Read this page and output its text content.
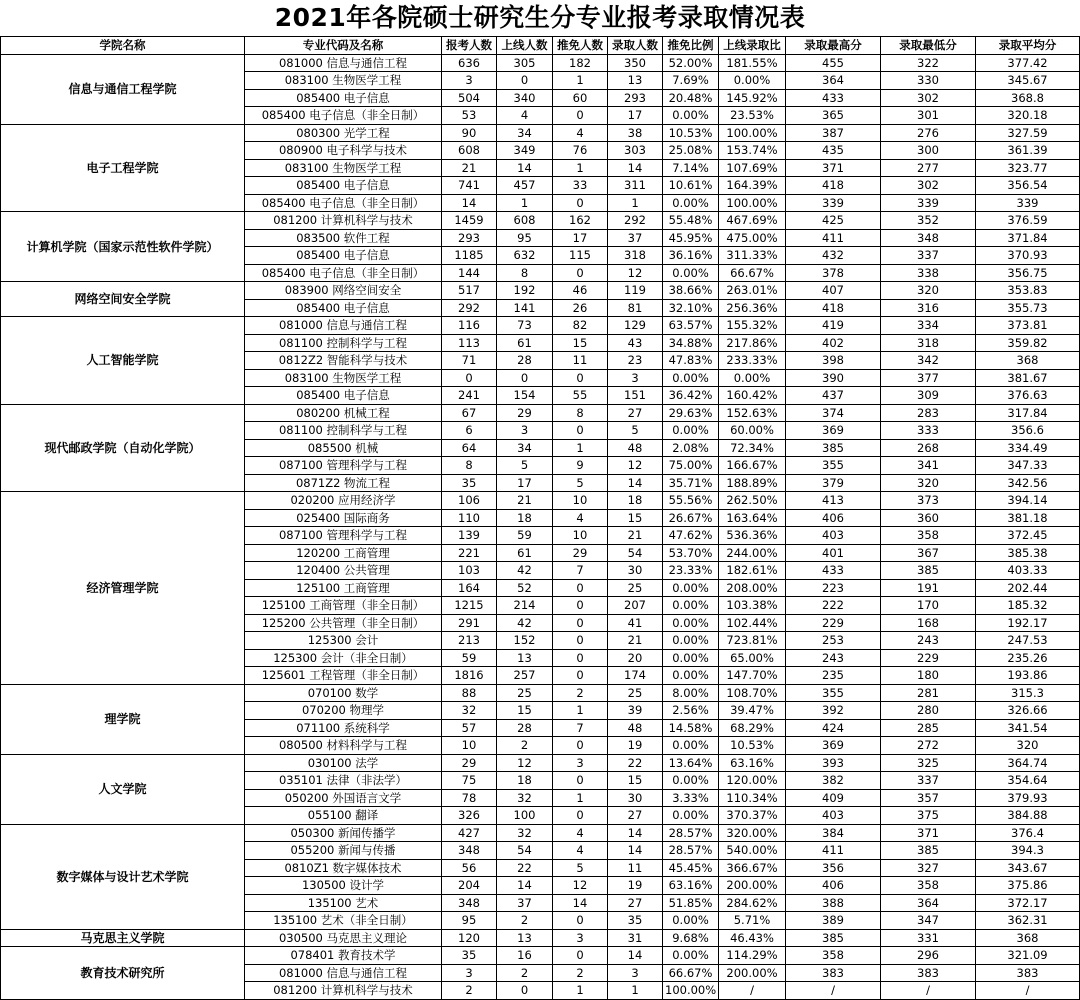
2021年各院硕士研究生分专业报考录取情况表
学院名称	专业代码及名称	报考人数	上线人数	推免人数	录取人数	推免比例	上线录取比	录取最高分	录取最低分	录取平均分
信息与通信工程学院	081000 信息与通信工程	636	305	182	350	52.00%	181.55%	455	322	377.42
	083100 生物医学工程	3	0	1	13	7.69%	0.00%	364	330	345.67
	085400 电子信息	504	340	60	293	20.48%	145.92%	433	302	368.8
	085400 电子信息（非全日制）	53	4	0	17	0.00%	23.53%	365	301	320.18
电子工程学院	080300 光学工程	90	34	4	38	10.53%	100.00%	387	276	327.59
	080900 电子科学与技术	608	349	76	303	25.08%	153.74%	435	300	361.39
	083100 生物医学工程	21	14	1	14	7.14%	107.69%	371	277	323.77
	085400 电子信息	741	457	33	311	10.61%	164.39%	418	302	356.54
	085400 电子信息（非全日制）	14	1	0	1	0.00%	100.00%	339	339	339
计算机学院（国家示范性软件学院）	081200 计算机科学与技术	1459	608	162	292	55.48%	467.69%	425	352	376.59
	083500 软件工程	293	95	17	37	45.95%	475.00%	411	348	371.84
	085400 电子信息	1185	632	115	318	36.16%	311.33%	432	337	370.93
	085400 电子信息（非全日制）	144	8	0	12	0.00%	66.67%	378	338	356.75
网络空间安全学院	083900 网络空间安全	517	192	46	119	38.66%	263.01%	407	320	353.83
	085400 电子信息	292	141	26	81	32.10%	256.36%	418	316	355.73
人工智能学院	081000 信息与通信工程	116	73	82	129	63.57%	155.32%	419	334	373.81
	081100 控制科学与工程	113	61	15	43	34.88%	217.86%	402	318	359.82
	0812Z2 智能科学与技术	71	28	11	23	47.83%	233.33%	398	342	368
	083100 生物医学工程	0	0	0	3	0.00%	0.00%	390	377	381.67
	085400 电子信息	241	154	55	151	36.42%	160.42%	437	309	376.63
现代邮政学院（自动化学院）	080200 机械工程	67	29	8	27	29.63%	152.63%	374	283	317.84
	081100 控制科学与工程	6	3	0	5	0.00%	60.00%	369	333	356.6
	085500 机械	64	34	1	48	2.08%	72.34%	385	268	334.49
	087100 管理科学与工程	8	5	9	12	75.00%	166.67%	355	341	347.33
	0871Z2 物流工程	35	17	5	14	35.71%	188.89%	379	320	342.56
经济管理学院	020200 应用经济学	106	21	10	18	55.56%	262.50%	413	373	394.14
	025400 国际商务	110	18	4	15	26.67%	163.64%	406	360	381.18
	087100 管理科学与工程	139	59	10	21	47.62%	536.36%	403	358	372.45
	120200 工商管理	221	61	29	54	53.70%	244.00%	401	367	385.38
	120400 公共管理	103	42	7	30	23.33%	182.61%	433	385	403.33
	125100 工商管理	164	52	0	25	0.00%	208.00%	223	191	202.44
	125100 工商管理（非全日制）	1215	214	0	207	0.00%	103.38%	222	170	185.32
	125200 公共管理（非全日制）	291	42	0	41	0.00%	102.44%	229	168	192.17
	125300 会计	213	152	0	21	0.00%	723.81%	253	243	247.53
	125300 会计（非全日制）	59	13	0	20	0.00%	65.00%	243	229	235.26
	125601 工程管理（非全日制）	1816	257	0	174	0.00%	147.70%	235	180	193.86
理学院	070100 数学	88	25	2	25	8.00%	108.70%	355	281	315.3
	070200 物理学	32	15	1	39	2.56%	39.47%	392	280	326.66
	071100 系统科学	57	28	7	48	14.58%	68.29%	424	285	341.54
	080500 材料科学与工程	10	2	0	19	0.00%	10.53%	369	272	320
人文学院	030100 法学	29	12	3	22	13.64%	63.16%	393	325	364.74
	035101 法律（非法学）	75	18	0	15	0.00%	120.00%	382	337	354.64
	050200 外国语言文学	78	32	1	30	3.33%	110.34%	409	357	379.93
	055100 翻译	326	100	0	27	0.00%	370.37%	403	375	384.88
数字媒体与设计艺术学院	050300 新闻传播学	427	32	4	14	28.57%	320.00%	384	371	376.4
	055200 新闻与传播	348	54	4	14	28.57%	540.00%	411	385	394.3
	0810Z1 数字媒体技术	56	22	5	11	45.45%	366.67%	356	327	343.67
	130500 设计学	204	14	12	19	63.16%	200.00%	406	358	375.86
	135100 艺术	348	37	14	27	51.85%	284.62%	388	364	372.17
	135100 艺术（非全日制）	95	2	0	35	0.00%	5.71%	389	347	362.31
马克思主义学院	030500 马克思主义理论	120	13	3	31	9.68%	46.43%	385	331	368
教育技术研究所	078401 教育技术学	35	16	0	14	0.00%	114.29%	358	296	321.09
	081000 信息与通信工程	3	2	2	3	66.67%	200.00%	383	383	383
	081200 计算机科学与技术	2	0	1	1	100.00%	/	/	/	/
